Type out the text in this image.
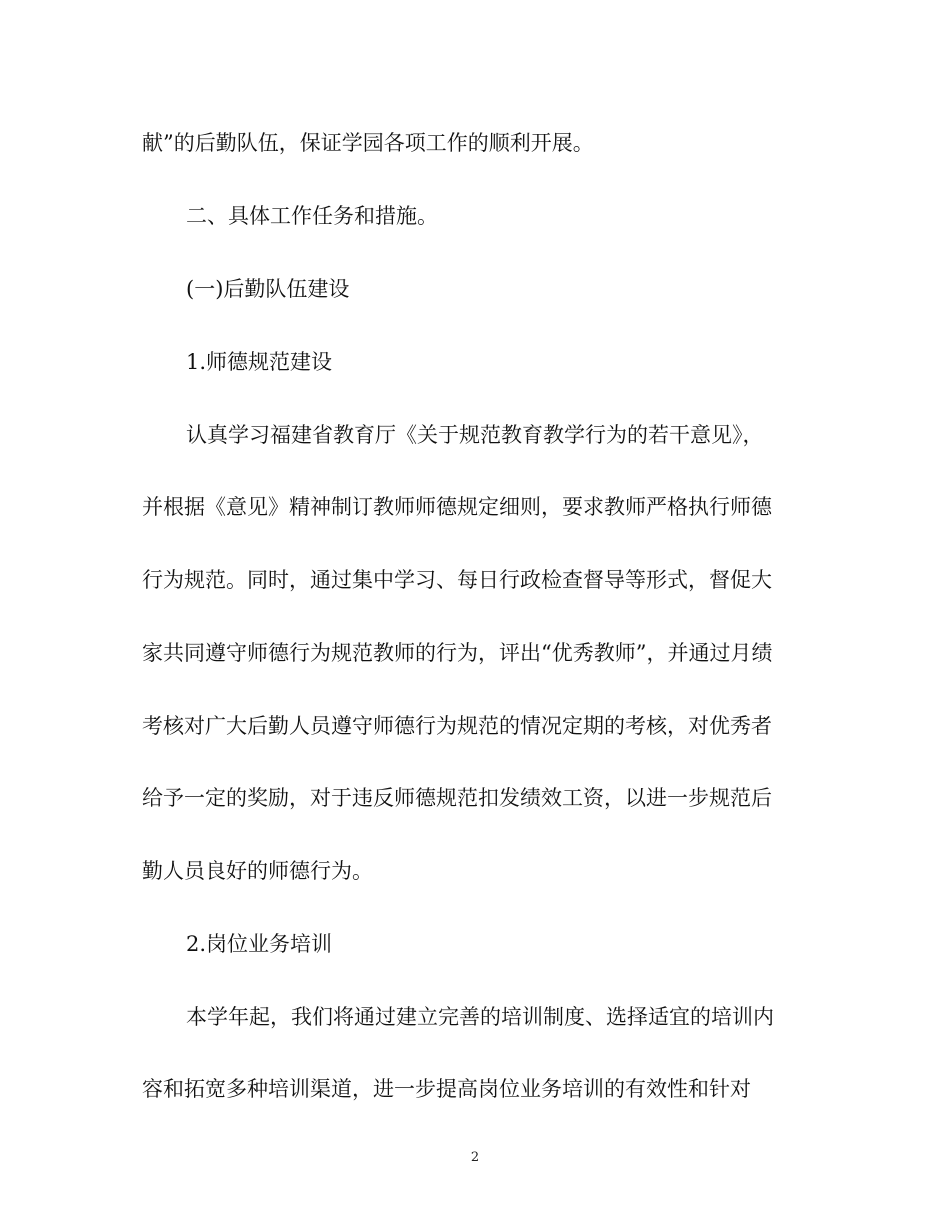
献”的后勤队伍，保证学园各项工作的顺利开展。
二、具体工作任务和措施。
(一)后勤队伍建设
1.师德规范建设
认真学习福建省教育厅《关于规范教育教学行为的若干意见》，
并根据《意见》精神制订教师师德规定细则，要求教师严格执行师德
行为规范。同时，通过集中学习、每日行政检查督导等形式，督促大
家共同遵守师德行为规范教师的行为，评出“优秀教师”，并通过月绩
考核对广大后勤人员遵守师德行为规范的情况定期的考核，对优秀者
给予一定的奖励，对于违反师德规范扣发绩效工资，以进一步规范后
勤人员良好的师德行为。
2.岗位业务培训
本学年起，我们将通过建立完善的培训制度、选择适宜的培训内
容和拓宽多种培训渠道，进一步提高岗位业务培训的有效性和针对
2
